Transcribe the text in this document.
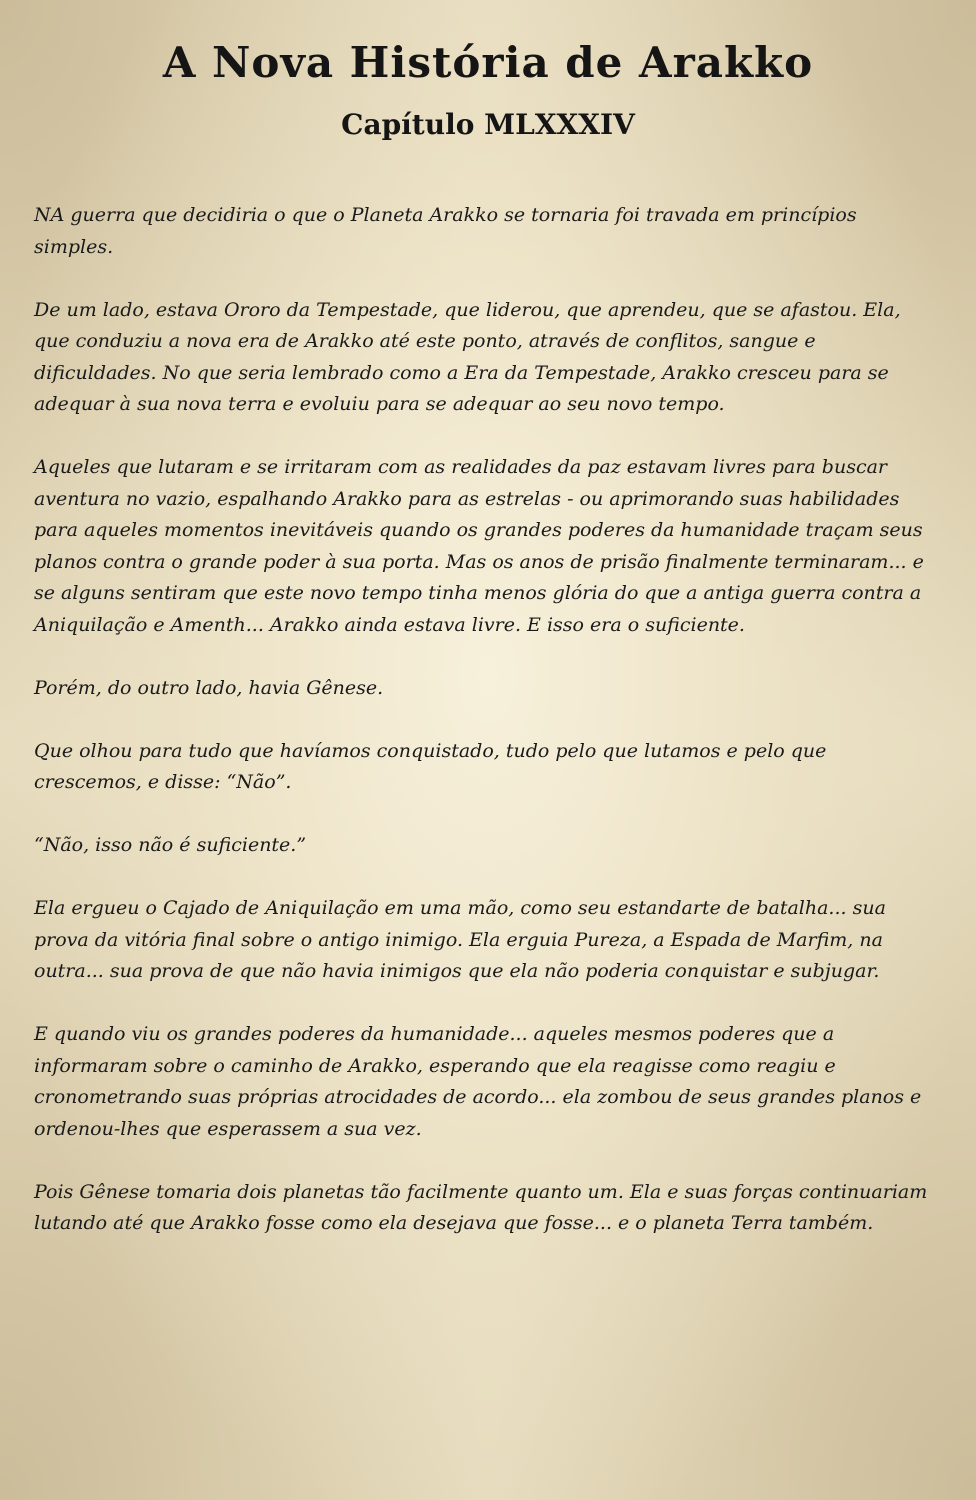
A Nova História de Arakko
Capítulo MLXXXIV

NA guerra que decidiria o que o Planeta Arakko se tornaria foi travada em princípios simples.

De um lado, estava Ororo da Tempestade, que liderou, que aprendeu, que se afastou. Ela, que conduziu a nova era de Arakko até este ponto, através de conflitos, sangue e dificuldades. No que seria lembrado como a Era da Tempestade, Arakko cresceu para se adequar à sua nova terra e evoluiu para se adequar ao seu novo tempo.

Aqueles que lutaram e se irritaram com as realidades da paz estavam livres para buscar aventura no vazio, espalhando Arakko para as estrelas - ou aprimorando suas habilidades para aqueles momentos inevitáveis quando os grandes poderes da humanidade traçam seus planos contra o grande poder à sua porta. Mas os anos de prisão finalmente terminaram... e se alguns sentiram que este novo tempo tinha menos glória do que a antiga guerra contra a Aniquilação e Amenth... Arakko ainda estava livre. E isso era o suficiente.

Porém, do outro lado, havia Gênese.

Que olhou para tudo que havíamos conquistado, tudo pelo que lutamos e pelo que crescemos, e disse: “Não”.

“Não, isso não é suficiente.”

Ela ergueu o Cajado de Aniquilação em uma mão, como seu estandarte de batalha... sua prova da vitória final sobre o antigo inimigo. Ela erguia Pureza, a Espada de Marfim, na outra... sua prova de que não havia inimigos que ela não poderia conquistar e subjugar.

E quando viu os grandes poderes da humanidade... aqueles mesmos poderes que a informaram sobre o caminho de Arakko, esperando que ela reagisse como reagiu e cronometrando suas próprias atrocidades de acordo... ela zombou de seus grandes planos e ordenou-lhes que esperassem a sua vez.

Pois Gênese tomaria dois planetas tão facilmente quanto um. Ela e suas forças continuariam lutando até que Arakko fosse como ela desejava que fosse... e o planeta Terra também.
